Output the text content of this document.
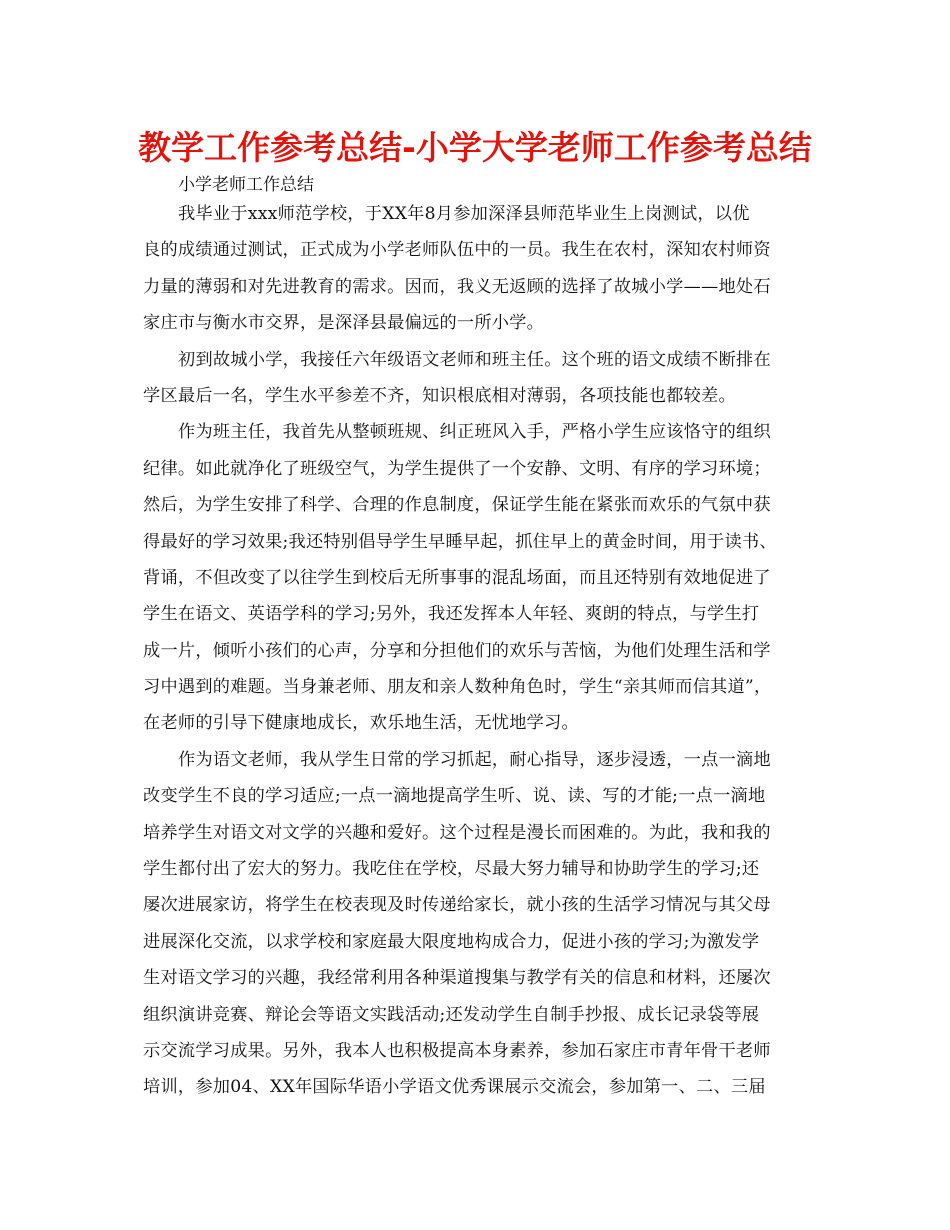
教学工作参考总结-小学大学老师工作参考总结
小学老师工作总结
我毕业于xxx师范学校，于XX年8月参加深泽县师范毕业生上岗测试，以优
良的成绩通过测试，正式成为小学老师队伍中的一员。我生在农村，深知农村师资
力量的薄弱和对先进教育的需求。因而，我义无返顾的选择了故城小学——地处石
家庄市与衡水市交界，是深泽县最偏远的一所小学。
初到故城小学，我接任六年级语文老师和班主任。这个班的语文成绩不断排在
学区最后一名，学生水平参差不齐，知识根底相对薄弱，各项技能也都较差。
作为班主任，我首先从整顿班规、纠正班风入手，严格小学生应该恪守的组织
纪律。如此就净化了班级空气，为学生提供了一个安静、文明、有序的学习环境；
然后，为学生安排了科学、合理的作息制度，保证学生能在紧张而欢乐的气氛中获
得最好的学习效果;我还特别倡导学生早睡早起，抓住早上的黄金时间，用于读书、
背诵，不但改变了以往学生到校后无所事事的混乱场面，而且还特别有效地促进了
学生在语文、英语学科的学习;另外，我还发挥本人年轻、爽朗的特点，与学生打
成一片，倾听小孩们的心声，分享和分担他们的欢乐与苦恼，为他们处理生活和学
习中遇到的难题。当身兼老师、朋友和亲人数种角色时，学生“亲其师而信其道”，
在老师的引导下健康地成长，欢乐地生活，无忧地学习。
作为语文老师，我从学生日常的学习抓起，耐心指导，逐步浸透，一点一滴地
改变学生不良的学习适应;一点一滴地提高学生听、说、读、写的才能;一点一滴地
培养学生对语文对文学的兴趣和爱好。这个过程是漫长而困难的。为此，我和我的
学生都付出了宏大的努力。我吃住在学校，尽最大努力辅导和协助学生的学习;还
屡次进展家访，将学生在校表现及时传递给家长，就小孩的生活学习情况与其父母
进展深化交流，以求学校和家庭最大限度地构成合力，促进小孩的学习;为激发学
生对语文学习的兴趣，我经常利用各种渠道搜集与教学有关的信息和材料，还屡次
组织演讲竞赛、辩论会等语文实践活动;还发动学生自制手抄报、成长记录袋等展
示交流学习成果。另外，我本人也积极提高本身素养，参加石家庄市青年骨干老师
培训，参加04、XX年国际华语小学语文优秀课展示交流会，参加第一、二、三届
